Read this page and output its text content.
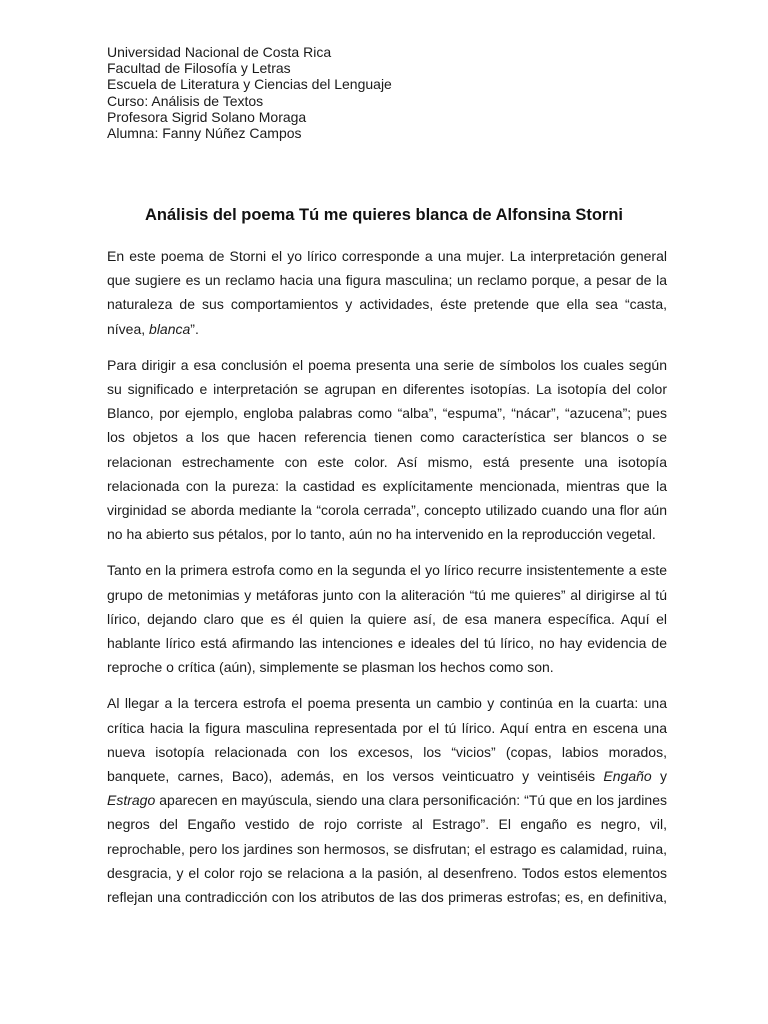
Universidad Nacional de Costa Rica
Facultad de Filosofía y Letras
Escuela de Literatura y Ciencias del Lenguaje
Curso: Análisis de Textos
Profesora Sigrid Solano Moraga
Alumna: Fanny Núñez Campos
Análisis del poema Tú me quieres blanca de Alfonsina Storni

En este poema de Storni el yo lírico corresponde a una mujer. La interpretación general
que sugiere es un reclamo hacia una figura masculina; un reclamo porque, a pesar de la
naturaleza de sus comportamientos y actividades, éste pretende que ella sea “casta,
nívea, blanca”.

Para dirigir a esa conclusión el poema presenta una serie de símbolos los cuales según
su significado e interpretación se agrupan en diferentes isotopías. La isotopía del color
Blanco, por ejemplo, engloba palabras como “alba”, “espuma”, “nácar”, “azucena”; pues
los objetos a los que hacen referencia tienen como característica ser blancos o se
relacionan estrechamente con este color. Así mismo, está presente una isotopía
relacionada con la pureza: la castidad es explícitamente mencionada, mientras que la
virginidad se aborda mediante la “corola cerrada”, concepto utilizado cuando una flor aún
no ha abierto sus pétalos, por lo tanto, aún no ha intervenido en la reproducción vegetal.

Tanto en la primera estrofa como en la segunda el yo lírico recurre insistentemente a este
grupo de metonimias y metáforas junto con la aliteración “tú me quieres” al dirigirse al tú
lírico, dejando claro que es él quien la quiere así, de esa manera específica. Aquí el
hablante lírico está afirmando las intenciones e ideales del tú lírico, no hay evidencia de
reproche o crítica (aún), simplemente se plasman los hechos como son.

Al llegar a la tercera estrofa el poema presenta un cambio y continúa en la cuarta: una
crítica hacia la figura masculina representada por el tú lírico. Aquí entra en escena una
nueva isotopía relacionada con los excesos, los “vicios” (copas, labios morados,
banquete, carnes, Baco), además, en los versos veinticuatro y veintiséis Engaño y
Estrago aparecen en mayúscula, siendo una clara personificación: “Tú que en los jardines
negros del Engaño vestido de rojo corriste al Estrago”. El engaño es negro, vil,
reprochable, pero los jardines son hermosos, se disfrutan; el estrago es calamidad, ruina,
desgracia, y el color rojo se relaciona a la pasión, al desenfreno. Todos estos elementos
reflejan una contradicción con los atributos de las dos primeras estrofas; es, en definitiva,
